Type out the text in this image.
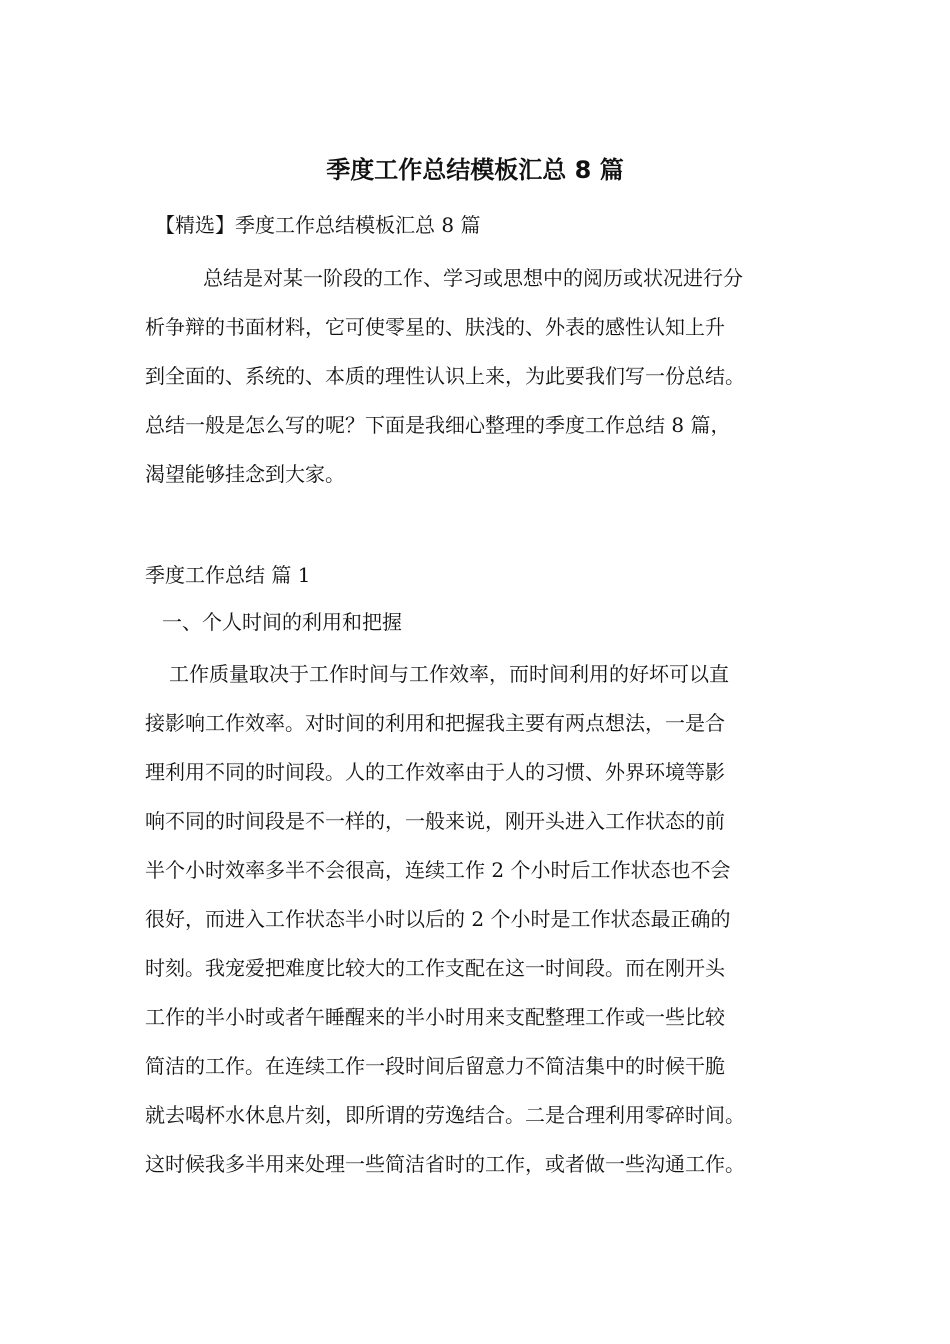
季度工作总结模板汇总 8 篇

【精选】季度工作总结模板汇总 8 篇

总结是对某一阶段的工作、学习或思想中的阅历或状况进行分
析争辩的书面材料，它可使零星的、肤浅的、外表的感性认知上升
到全面的、系统的、本质的理性认识上来，为此要我们写一份总结。
总结一般是怎么写的呢？下面是我细心整理的季度工作总结 8 篇，
渴望能够挂念到大家。

季度工作总结 篇 1

一、个人时间的利用和把握

工作质量取决于工作时间与工作效率，而时间利用的好坏可以直
接影响工作效率。对时间的利用和把握我主要有两点想法，一是合
理利用不同的时间段。人的工作效率由于人的习惯、外界环境等影
响不同的时间段是不一样的，一般来说，刚开头进入工作状态的前
半个小时效率多半不会很高，连续工作 2 个小时后工作状态也不会
很好，而进入工作状态半小时以后的 2 个小时是工作状态最正确的
时刻。我宠爱把难度比较大的工作支配在这一时间段。而在刚开头
工作的半小时或者午睡醒来的半小时用来支配整理工作或一些比较
简洁的工作。在连续工作一段时间后留意力不简洁集中的时候干脆
就去喝杯水休息片刻，即所谓的劳逸结合。二是合理利用零碎时间。
这时候我多半用来处理一些简洁省时的工作，或者做一些沟通工作。
